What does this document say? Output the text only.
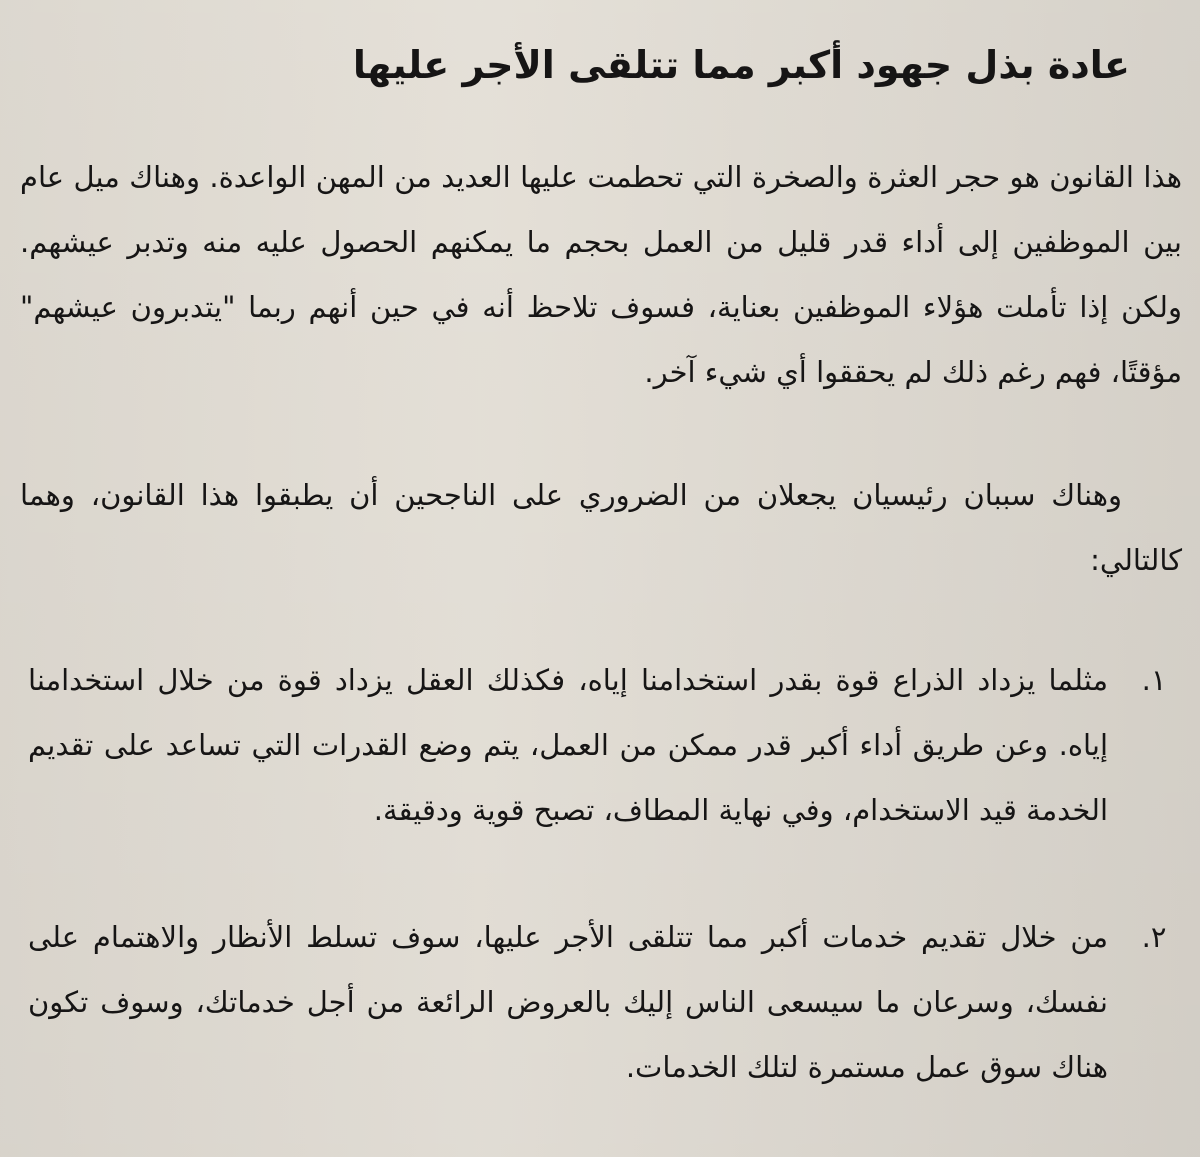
عادة بذل جهود أكبر مما تتلقى الأجر عليها
هذا القانون هو حجر العثرة والصخرة التي تحطمت عليها العديد من المهن الواعدة. وهناك ميل عام بين الموظفين إلى أداء قدر قليل من العمل بحجم ما يمكنهم الحصول عليه منه وتدبر عيشهم. ولكن إذا تأملت هؤلاء الموظفين بعناية، فسوف تلاحظ أنه في حين أنهم ربما "يتدبرون عيشهم" مؤقتًا، فهم رغم ذلك لم يحققوا أي شيء آخر.
وهناك سببان رئيسيان يجعلان من الضروري على الناجحين أن يطبقوا هذا القانون، وهما كالتالي:
١.
مثلما يزداد الذراع قوة بقدر استخدامنا إياه، فكذلك العقل يزداد قوة من خلال استخدامنا إياه. وعن طريق أداء أكبر قدر ممكن من العمل، يتم وضع القدرات التي تساعد على تقديم الخدمة قيد الاستخدام، وفي نهاية المطاف، تصبح قوية ودقيقة.
٢.
من خلال تقديم خدمات أكبر مما تتلقى الأجر عليها، سوف تسلط الأنظار والاهتمام على نفسك، وسرعان ما سيسعى الناس إليك بالعروض الرائعة من أجل خدماتك، وسوف تكون هناك سوق عمل مستمرة لتلك الخدمات.
